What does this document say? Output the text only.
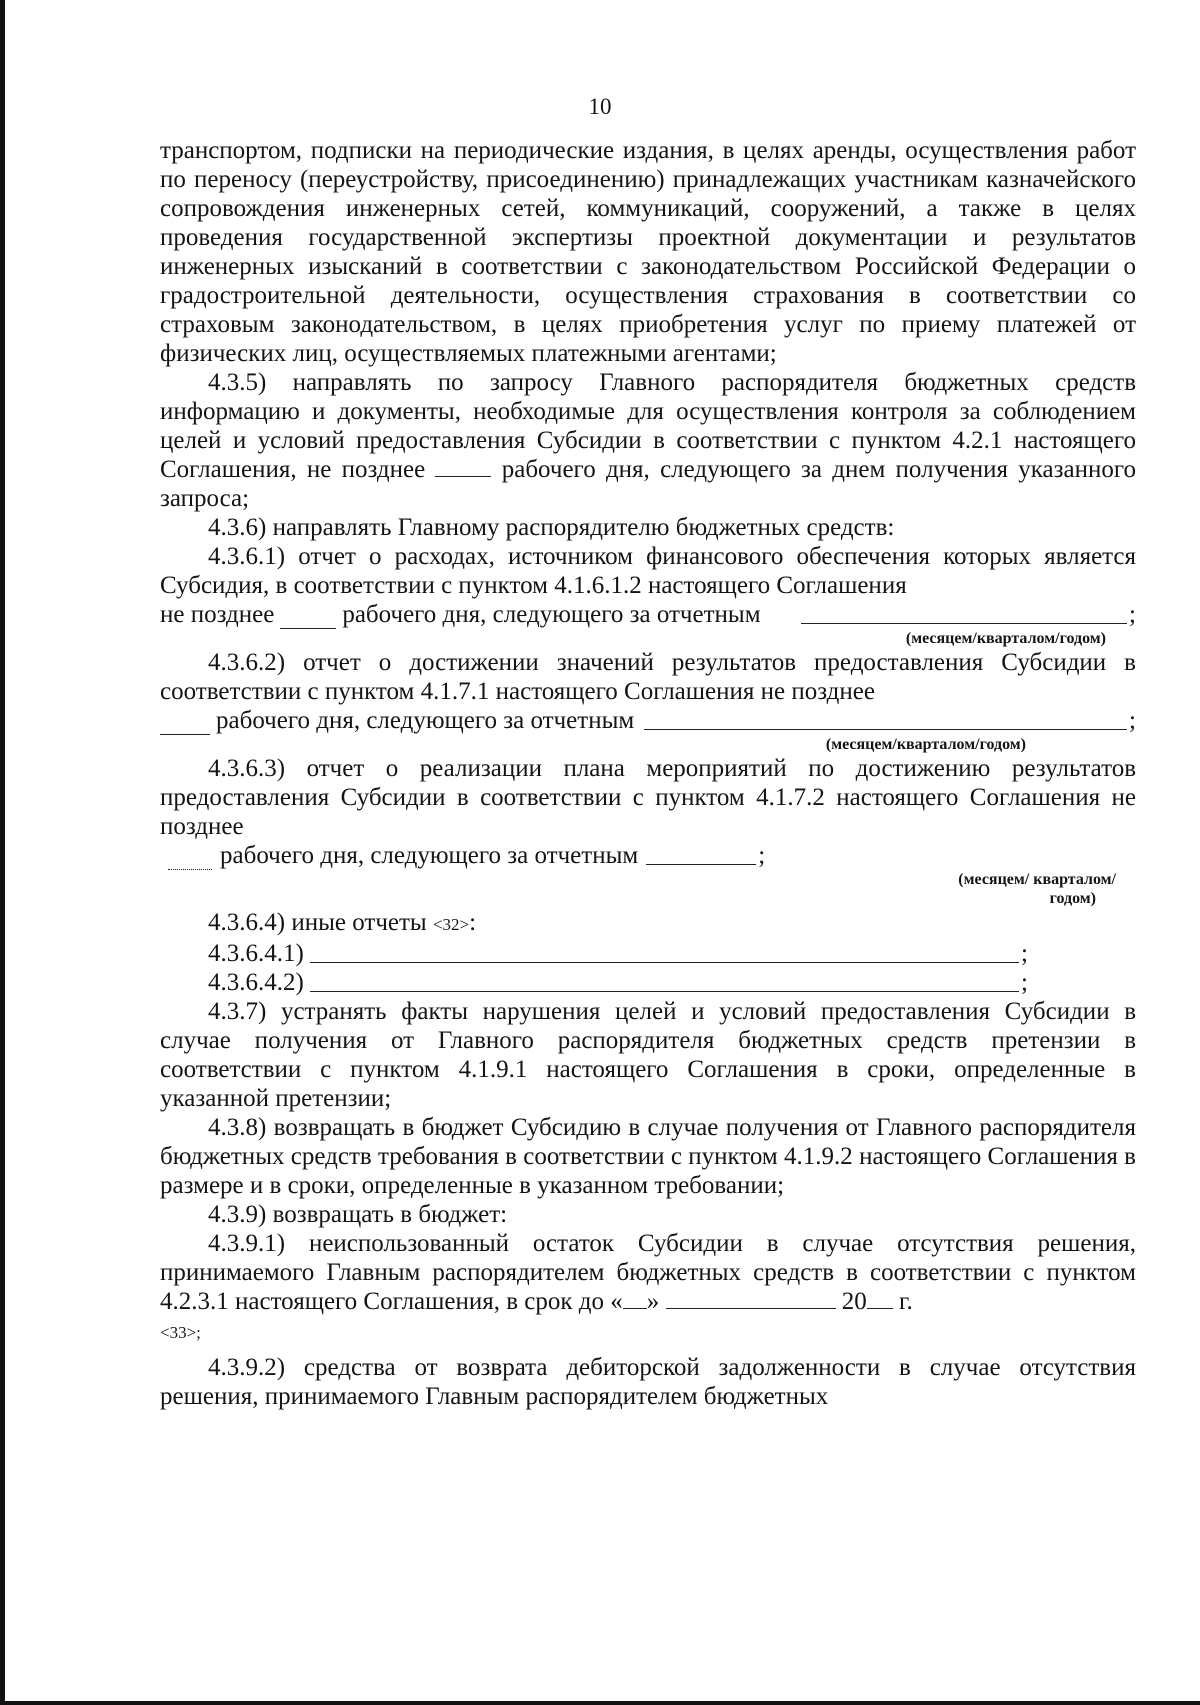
10

транспортом, подписки на периодические издания, в целях аренды, осуществления работ по переносу (переустройству, присоединению) принадлежащих участникам казначейского сопровождения инженерных сетей, коммуникаций, сооружений, а также в целях проведения государственной экспертизы проектной документации и результатов инженерных изысканий в соответствии с законодательством Российской Федерации о градостроительной деятельности, осуществления страхования в соответствии со страховым законодательством, в целях приобретения услуг по приему платежей от физических лиц, осуществляемых платежными агентами;

4.3.5) направлять по запросу Главного распорядителя бюджетных средств информацию и документы, необходимые для осуществления контроля за соблюдением целей и условий предоставления Субсидии в соответствии с пунктом 4.2.1 настоящего Соглашения, не позднее	рабочего дня, следующего за днем получения указанного запроса;

4.3.6) направлять Главному распорядителю бюджетных средств:

4.3.6.1) отчет о расходах, источником финансового обеспечения которых является Субсидия, в соответствии с пунктом 4.1.6.1.2 настоящего Соглашения

не позднее	рабочего дня, следующего за отчетным	;
(месяцем/кварталом/годом)

4.3.6.2) отчет о достижении значений результатов предоставления Субсидии в соответствии с пунктом 4.1.7.1 настоящего Соглашения не позднее

рабочего дня, следующего за отчетным	;
(месяцем/кварталом/годом)

4.3.6.3) отчет о реализации плана мероприятий по достижению результатов предоставления Субсидии в соответствии с пунктом 4.1.7.2 настоящего Соглашения не позднее

рабочего дня, следующего за отчетным	;
(месяцем/ кварталом/
годом)

4.3.6.4) иные отчеты <32>:

4.3.6.4.1)	;
4.3.6.4.2)	;

4.3.7) устранять факты нарушения целей и условий предоставления Субсидии в случае получения от Главного распорядителя бюджетных средств претензии в соответствии с пунктом 4.1.9.1 настоящего Соглашения в сроки, определенные в указанной претензии;

4.3.8) возвращать в бюджет Субсидию в случае получения от Главного распорядителя бюджетных средств требования в соответствии с пунктом 4.1.9.2 настоящего Соглашения в размере и в сроки, определенные в указанном требовании;

4.3.9) возвращать в бюджет:

4.3.9.1) неиспользованный остаток Субсидии в случае отсутствия решения, принимаемого Главным распорядителем бюджетных средств в соответствии с пунктом 4.2.3.1 настоящего Соглашения, в срок до « »	20 г.

<33>;

4.3.9.2) средства от возврата дебиторской задолженности в случае отсутствия решения, принимаемого Главным распорядителем бюджетных
